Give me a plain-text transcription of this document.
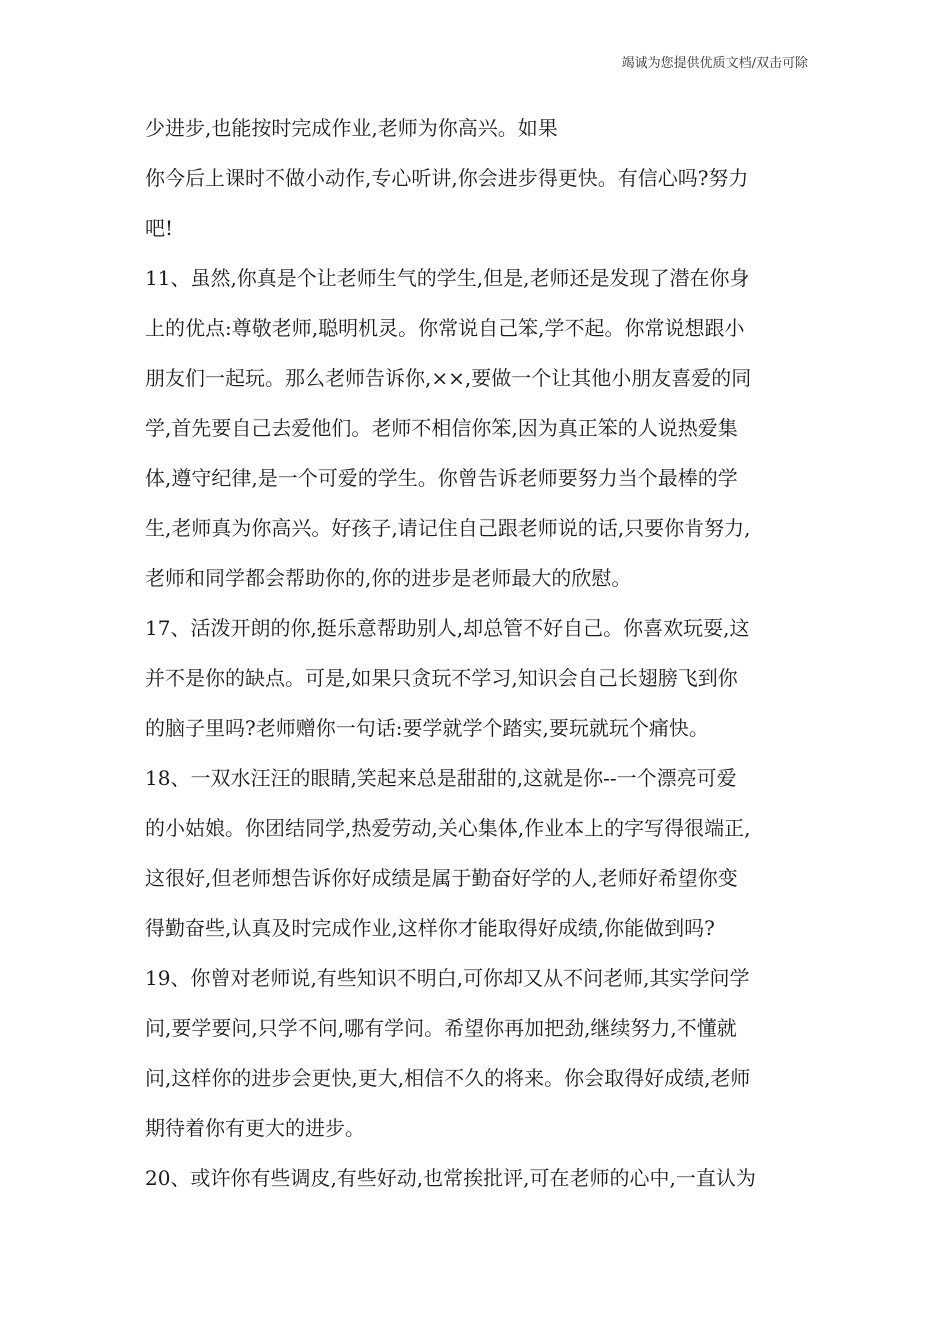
竭诚为您提供优质文档/双击可除
少进步,也能按时完成作业,老师为你高兴。如果
你今后上课时不做小动作,专心听讲,你会进步得更快。有信心吗?努力
吧!
11、虽然,你真是个让老师生气的学生,但是,老师还是发现了潜在你身
上的优点:尊敬老师,聪明机灵。你常说自己笨,学不起。你常说想跟小
朋友们一起玩。那么老师告诉你,××,要做一个让其他小朋友喜爱的同
学,首先要自己去爱他们。老师不相信你笨,因为真正笨的人说热爱集
体,遵守纪律,是一个可爱的学生。你曾告诉老师要努力当个最棒的学
生,老师真为你高兴。好孩子,请记住自己跟老师说的话,只要你肯努力,
老师和同学都会帮助你的,你的进步是老师最大的欣慰。
17、活泼开朗的你,挺乐意帮助别人,却总管不好自己。你喜欢玩耍,这
并不是你的缺点。可是,如果只贪玩不学习,知识会自己长翅膀飞到你
的脑子里吗?老师赠你一句话:要学就学个踏实,要玩就玩个痛快。
18、一双水汪汪的眼睛,笑起来总是甜甜的,这就是你--一个漂亮可爱
的小姑娘。你团结同学,热爱劳动,关心集体,作业本上的字写得很端正,
这很好,但老师想告诉你好成绩是属于勤奋好学的人,老师好希望你变
得勤奋些,认真及时完成作业,这样你才能取得好成绩,你能做到吗?
19、你曾对老师说,有些知识不明白,可你却又从不问老师,其实学问学
问,要学要问,只学不问,哪有学问。希望你再加把劲,继续努力,不懂就
问,这样你的进步会更快,更大,相信不久的将来。你会取得好成绩,老师
期待着你有更大的进步。
20、或许你有些调皮,有些好动,也常挨批评,可在老师的心中,一直认为
